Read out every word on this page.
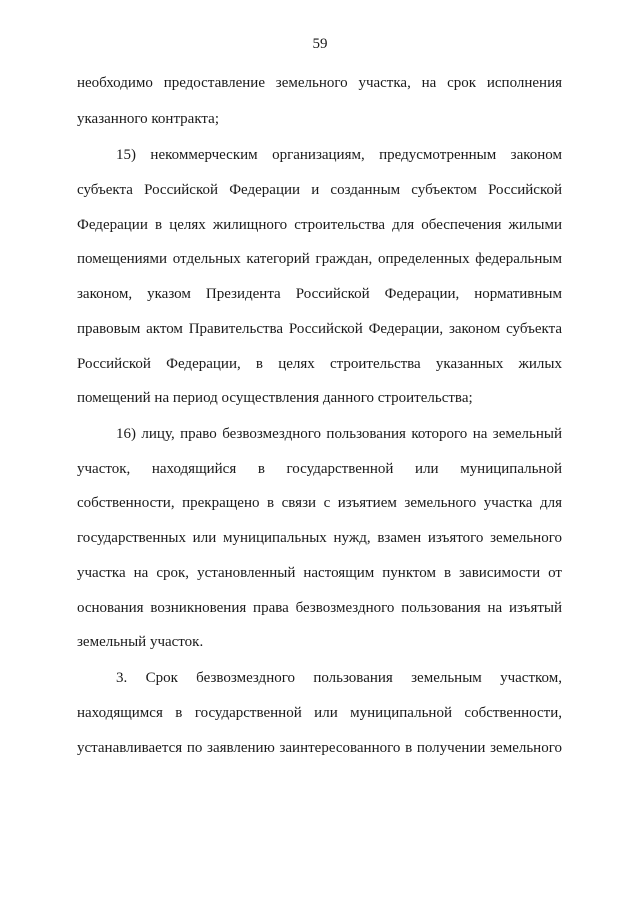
59
необходимо предоставление земельного участка, на срок исполнения
указанного контракта;
15) некоммерческим организациям, предусмотренным законом
субъекта Российской Федерации и созданным субъектом Российской
Федерации в целях жилищного строительства для обеспечения жилыми
помещениями отдельных категорий граждан, определенных федеральным
законом, указом Президента Российской Федерации, нормативным
правовым актом Правительства Российской Федерации, законом субъекта
Российской Федерации, в целях строительства указанных жилых
помещений на период осуществления данного строительства;
16) лицу, право безвозмездного пользования которого на земельный
участок, находящийся в государственной или муниципальной
собственности, прекращено в связи с изъятием земельного участка для
государственных или муниципальных нужд, взамен изъятого земельного
участка на срок, установленный настоящим пунктом в зависимости от
основания возникновения права безвозмездного пользования на изъятый
земельный участок.
3. Срок безвозмездного пользования земельным участком,
находящимся в государственной или муниципальной собственности,
устанавливается по заявлению заинтересованного в получении земельного
